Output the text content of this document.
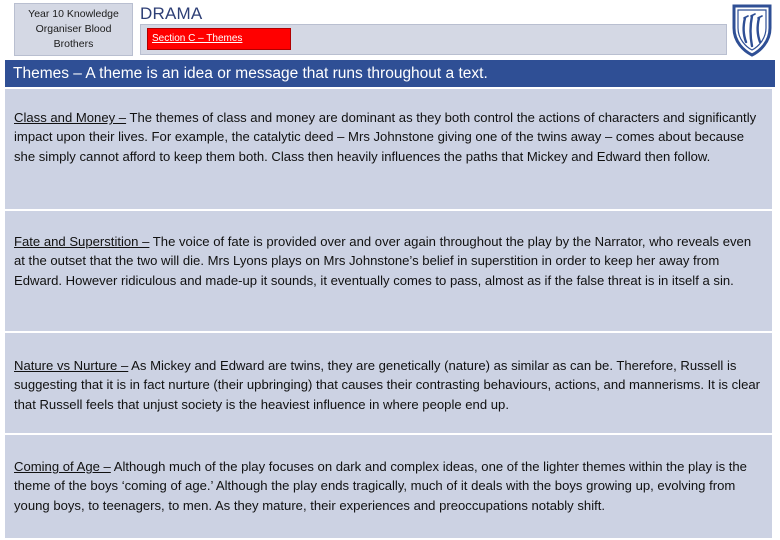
Year 10 Knowledge Organiser Blood Brothers
DRAMA
Section C – Themes
Themes – A theme is an idea or message that runs throughout a text.
Class and Money – The themes of class and money are dominant as they both control the actions of characters and significantly impact upon their lives. For example, the catalytic deed – Mrs Johnstone giving one of the twins away – comes about because she simply cannot afford to keep them both. Class then heavily influences the paths that Mickey and Edward then follow.
Fate and Superstition – The voice of fate is provided over and over again throughout the play by the Narrator, who reveals even at the outset that the two will die. Mrs Lyons plays on Mrs Johnstone’s belief in superstition in order to keep her away from Edward. However ridiculous and made-up it sounds, it eventually comes to pass, almost as if the false threat is in itself a sin.
Nature vs Nurture – As Mickey and Edward are twins, they are genetically (nature) as similar as can be. Therefore, Russell is suggesting that it is in fact nurture (their upbringing) that causes their contrasting behaviours, actions, and mannerisms. It is clear that Russell feels that unjust society is the heaviest influence in where people end up.
Coming of Age – Although much of the play focuses on dark and complex ideas, one of the lighter themes within the play is the theme of the boys ‘coming of age.’ Although the play ends tragically, much of it deals with the boys growing up, evolving from young boys, to teenagers, to men. As they mature, their experiences and preoccupations notably shift.
